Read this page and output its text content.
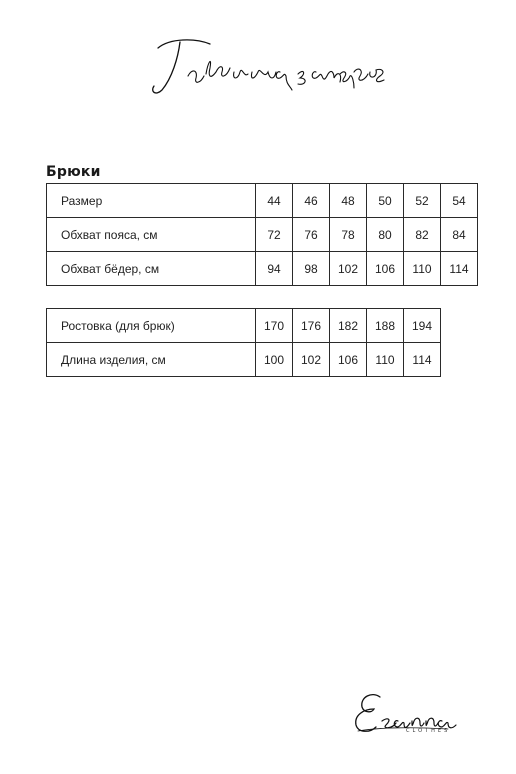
Брюки
Размер	44	46	48	50	52	54
Обхват пояса, см	72	76	78	80	82	84
Обхват бёдер, см	94	98	102	106	110	114
Ростовка (для брюк)	170	176	182	188	194
Длина изделия, см	100	102	106	110	114
CLOTHES
